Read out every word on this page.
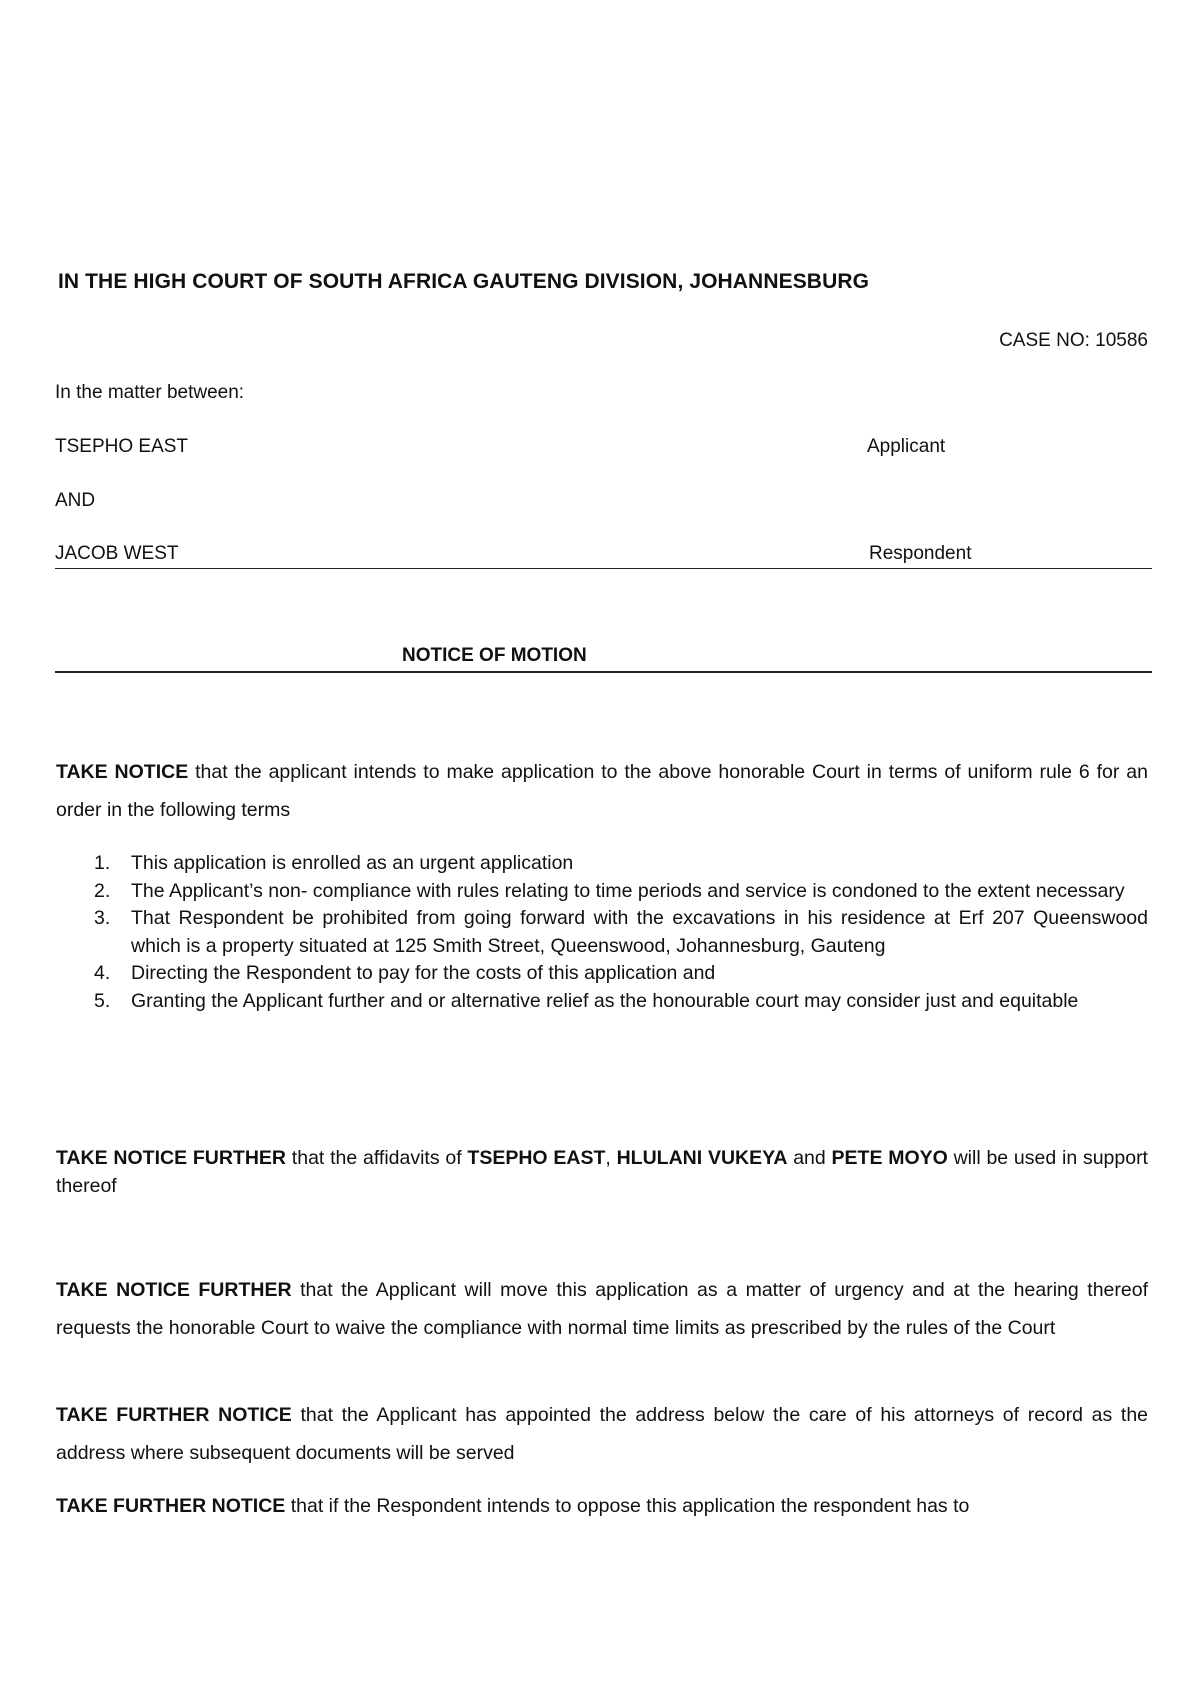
IN THE HIGH COURT OF SOUTH AFRICA GAUTENG DIVISION, JOHANNESBURG
CASE NO: 10586
In the matter between:
TSEPHO EAST	Applicant
AND
JACOB WEST	Respondent
NOTICE OF MOTION

TAKE NOTICE that the applicant intends to make application to the above honorable Court in terms of uniform rule 6 for an order in the following terms

1. This application is enrolled as an urgent application
2. The Applicant’s non- compliance with rules relating to time periods and service is condoned to the extent necessary
3. That Respondent be prohibited from going forward with the excavations in his residence at Erf 207 Queenswood which is a property situated at 125 Smith Street, Queenswood, Johannesburg, Gauteng
4. Directing the Respondent to pay for the costs of this application and
5. Granting the Applicant further and or alternative relief as the honourable court may consider just and equitable

TAKE NOTICE FURTHER that the affidavits of TSEPHO EAST, HLULANI VUKEYA and PETE MOYO will be used in support thereof

TAKE NOTICE FURTHER that the Applicant will move this application as a matter of urgency and at the hearing thereof requests the honorable Court to waive the compliance with normal time limits as prescribed by the rules of the Court

TAKE FURTHER NOTICE that the Applicant has appointed the address below the care of his attorneys of record as the address where subsequent documents will be served

TAKE FURTHER NOTICE that if the Respondent intends to oppose this application the respondent has to
